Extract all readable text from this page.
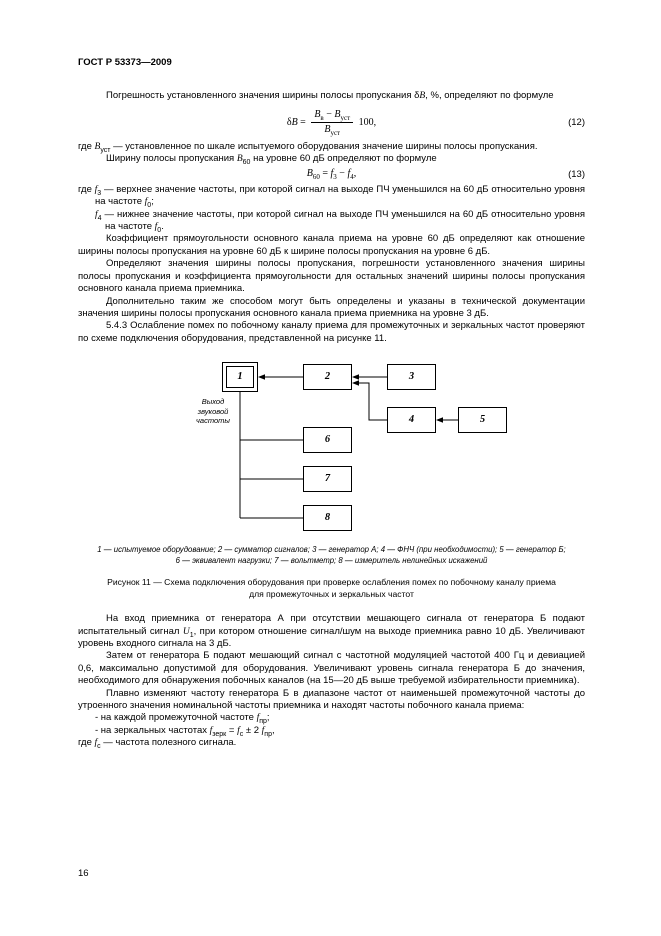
ГОСТ Р 53373—2009

Погрешность установленного значения ширины полосы пропускания δB, %, определяют по формуле

$\delta B = \frac{B_в - B_{уст}}{B_{уст}} 100$,	(12)

где $B_{уст}$ — установленное по шкале испытуемого оборудования значение ширины полосы пропускания.

Ширину полосы пропускания $B_{60}$ на уровне 60 дБ определяют по формуле

$B_{60} = f_3 - f_4$,	(13)

где $f_3$ — верхнее значение частоты, при которой сигнал на выходе ПЧ уменьшился на 60 дБ относительно уровня на частоте $f_0$;

$f_4$ — нижнее значение частоты, при которой сигнал на выходе ПЧ уменьшился на 60 дБ относительно уровня на частоте $f_0$.

Коэффициент прямоугольности основного канала приема на уровне 60 дБ определяют как отношение ширины полосы пропускания на уровне 60 дБ к ширине полосы пропускания на уровне 6 дБ.

Определяют значения ширины полосы пропускания, погрешности установленного значения ширины полосы пропускания и коэффициента прямоугольности для остальных значений ширины полосы пропускания основного канала приема приемника.

Дополнительно таким же способом могут быть определены и указаны в технической документации значения ширины полосы пропускания основного канала приема приемника на уровне 3 дБ.

5.4.3 Ослабление помех по побочному каналу приема для промежуточных и зеркальных частот проверяют по схеме подключения оборудования, представленной на рисунке 11.

1	2	3
4	5
6
7
8
Выход звуковой частоты
1 — испытуемое оборудование; 2 — сумматор сигналов; 3 — генератор А; 4 — ФНЧ (при необходимости); 5 — генератор Б;
6 — эквивалент нагрузки; 7 — вольтметр; 8 — измеритель нелинейных искажений
Рисунок 11 — Схема подключения оборудования при проверке ослабления помех по побочному каналу приема для промежуточных и зеркальных частот

На вход приемника от генератора А при отсутствии мешающего сигнала от генератора Б подают испытательный сигнал $U_1$, при котором отношение сигнал/шум на выходе приемника равно 10 дБ. Увеличивают уровень входного сигнала на 3 дБ.

Затем от генератора Б подают мешающий сигнал с частотной модуляцией частотой 400 Гц и девиацией 0,6, максимально допустимой для оборудования. Увеличивают уровень сигнала генератора Б до значения, необходимого для обнаружения побочных каналов (на 15—20 дБ выше требуемой избирательности приемника).

Плавно изменяют частоту генератора Б в диапазоне частот от наименьшей промежуточной частоты до утроенного значения номинальной частоты приемника и находят частоты побочного канала приема:

- на каждой промежуточной частоте $f_{пр}$;

- на зеркальных частотах $f_{зерк} = f_с \pm 2$ $f_{пр}$,

где $f_с$ — частота полезного сигнала.

16
